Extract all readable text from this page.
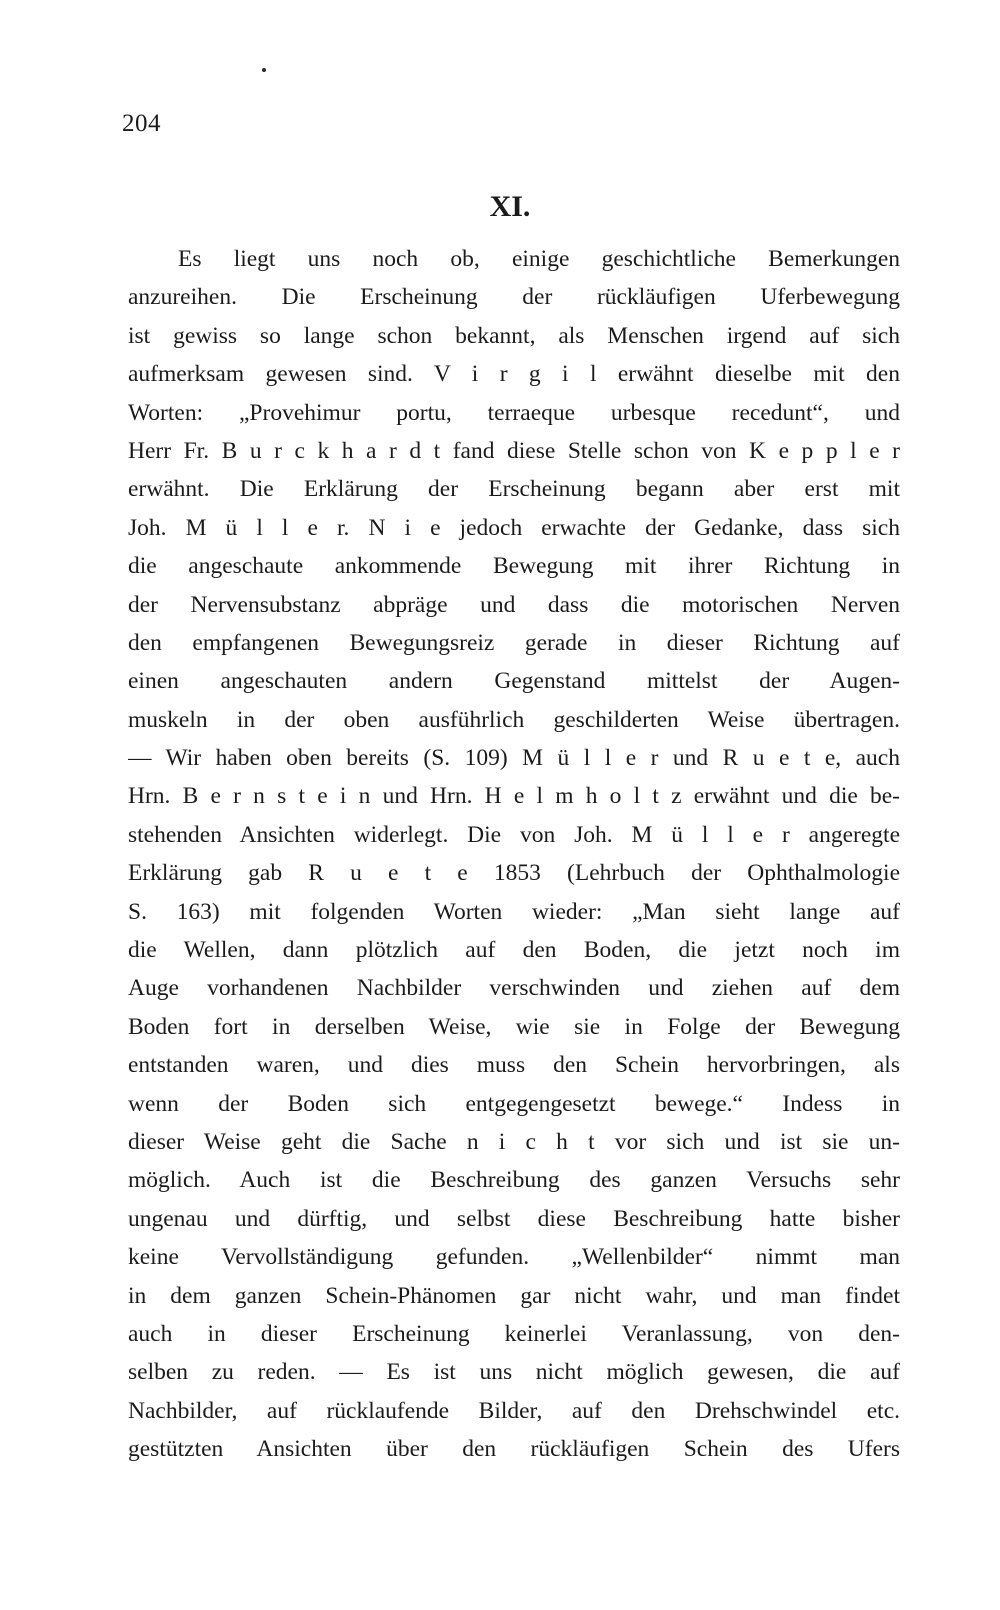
204
XI.
Es liegt uns noch ob, einige geschichtliche Bemerkungen
anzureihen. Die Erscheinung der rückläufigen Uferbewegung
ist gewiss so lange schon bekannt, als Menschen irgend auf sich
aufmerksam gewesen sind. V i r g i l erwähnt dieselbe mit den
Worten: „Provehimur portu, terraeque urbesque recedunt“, und
Herr Fr. B u r c k h a r d t fand diese Stelle schon von K e p p l e r
erwähnt. Die Erklärung der Erscheinung begann aber erst mit
Joh. M ü l l e r. N i e jedoch erwachte der Gedanke, dass sich
die angeschaute ankommende Bewegung mit ihrer Richtung in
der Nervensubstanz abpräge und dass die motorischen Nerven
den empfangenen Bewegungsreiz gerade in dieser Richtung auf
einen angeschauten andern Gegenstand mittelst der Augen-
muskeln in der oben ausführlich geschilderten Weise übertragen.
— Wir haben oben bereits (S. 109) M ü l l e r und R u e t e, auch
Hrn. B e r n s t e i n und Hrn. H e l m h o l t z erwähnt und die be-
stehenden Ansichten widerlegt. Die von Joh. M ü l l e r angeregte
Erklärung gab R u e t e 1853 (Lehrbuch der Ophthalmologie
S. 163) mit folgenden Worten wieder: „Man sieht lange auf
die Wellen, dann plötzlich auf den Boden, die jetzt noch im
Auge vorhandenen Nachbilder verschwinden und ziehen auf dem
Boden fort in derselben Weise, wie sie in Folge der Bewegung
entstanden waren, und dies muss den Schein hervorbringen, als
wenn der Boden sich entgegengesetzt bewege.“ Indess in
dieser Weise geht die Sache n i c h t vor sich und ist sie un-
möglich. Auch ist die Beschreibung des ganzen Versuchs sehr
ungenau und dürftig, und selbst diese Beschreibung hatte bisher
keine Vervollständigung gefunden. „Wellenbilder“ nimmt man
in dem ganzen Schein-Phänomen gar nicht wahr, und man findet
auch in dieser Erscheinung keinerlei Veranlassung, von den-
selben zu reden. — Es ist uns nicht möglich gewesen, die auf
Nachbilder, auf rücklaufende Bilder, auf den Drehschwindel etc.
gestützten Ansichten über den rückläufigen Schein des Ufers
